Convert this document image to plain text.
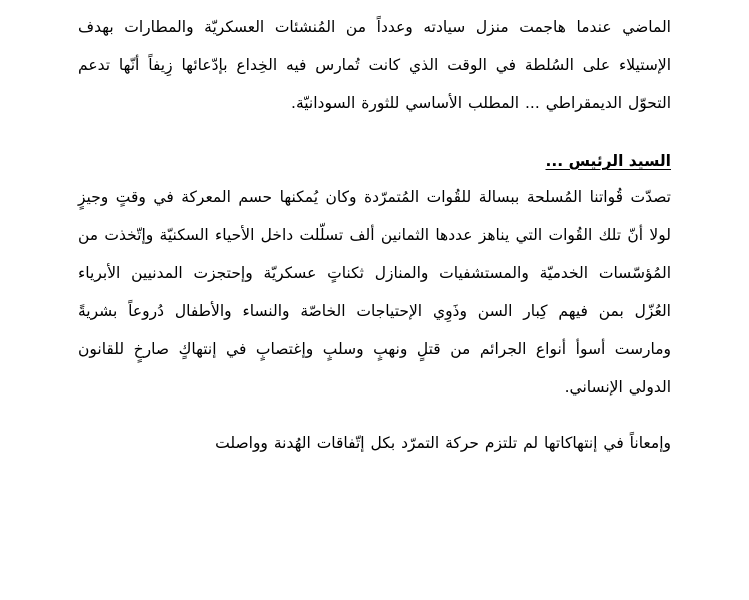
الماضي عندما هاجمت منزل سيادته وعدداً من المُنشئات العسكريّة والمطارات بهدف الإستيلاء على السُلطة في الوقت الذي كانت تُمارس فيه الخِداع بإدّعائها زِيفاً أنّها تدعم التحوّل الديمقراطي ... المطلب الأساسي للثورة السودانيّة.

السيد الرئيس ...

تصدّت قُواتنا المُسلحة ببسالة للقُوات المُتمرّدة وكان يُمكنها حسم المعركة في وقتٍ وجيزٍ لولا أنّ تلك القُوات التي يناهز عددها الثمانين ألف تسلّلت داخل الأحياء السكنيّة وإتّخذت من المُؤسّسات الخدميّة والمستشفيات والمنازل ثكناتٍ عسكريّة وإحتجزت المدنيين الأبرياء العُزّل بمن فيهم كِبار السن وذَوِي الإحتياجات الخاصّة والنساء والأطفال دُروعاً بشريةً ومارست أسوأ أنواع الجرائم من قتلٍ ونهبٍ وسلبٍ وإغتصابٍ في إنتهاكٍ صارخٍ للقانون الدولي الإنساني.

وإمعاناً في إنتهاكاتها لم تلتزم حركة التمرّد بكل إتّفاقات الهُدنة وواصلت
